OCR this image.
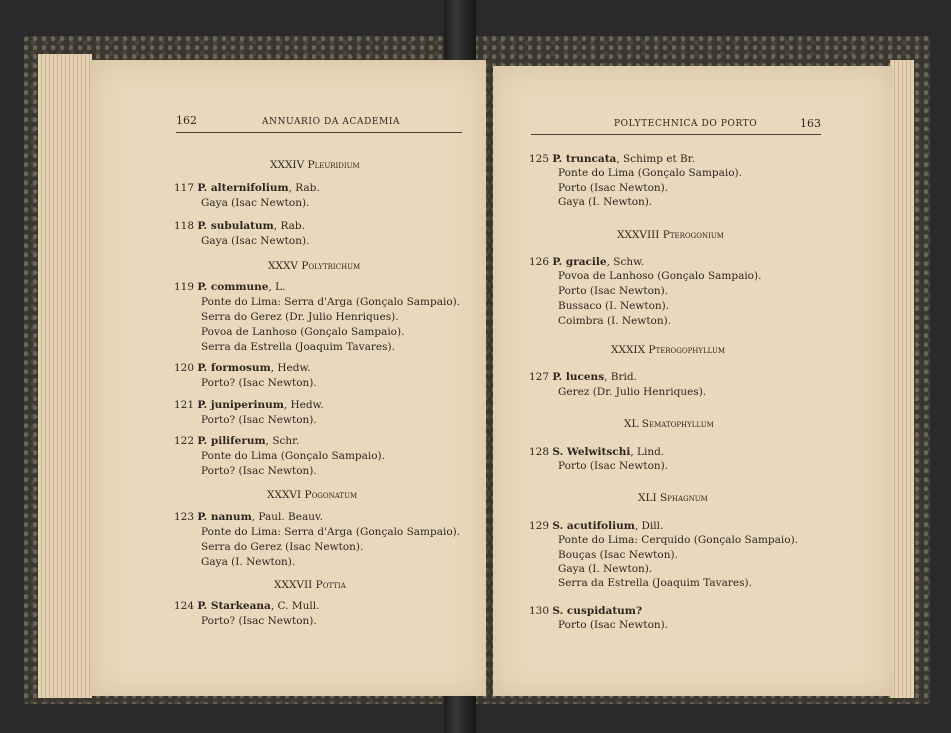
162	ANNUARIO DA ACADEMIA
XXXIV Pleuridium
117 P. alternifolium, Rab.
Gaya (Isac Newton).
118 P. subulatum, Rab.
Gaya (Isac Newton).
XXXV Polytrichum
119 P. commune, L.
Ponte do Lima: Serra d'Arga (Gonçalo Sampaio).
Serra do Gerez (Dr. Julio Henriques).
Povoa de Lanhoso (Gonçalo Sampaio).
Serra da Estrella (Joaquim Tavares).
120 P. formosum, Hedw.
Porto? (Isac Newton).
121 P. juniperinum, Hedw.
Porto? (Isac Newton).
122 P. piliferum, Schr.
Ponte do Lima (Gonçalo Sampaio).
Porto? (Isac Newton).
XXXVI Pogonatum
123 P. nanum, Paul. Beauv.
Ponte do Lima: Serra d'Arga (Gonçalo Sampaio).
Serra do Gerez (Isac Newton).
Gaya (I. Newton).
XXXVII Pottia
124 P. Starkeana, C. Mull.
Porto? (Isac Newton).
POLYTECHNICA DO PORTO	163
125 P. truncata, Schimp et Br.
Ponte do Lima (Gonçalo Sampaio).
Porto (Isac Newton).
Gaya (I. Newton).
XXXVIII Pterogonium
126 P. gracile, Schw.
Povoa de Lanhoso (Gonçalo Sampaio).
Porto (Isac Newton).
Bussaco (I. Newton).
Coimbra (I. Newton).
XXXIX Pterogophyllum
127 P. lucens, Brid.
Gerez (Dr. Julio Henriques).
XL Sematophyllum
128 S. Welwitschi, Lind.
Porto (Isac Newton).
XLI Sphagnum
129 S. acutifolium, Dill.
Ponte do Lima: Cerquido (Gonçalo Sampaio).
Bouças (Isac Newton).
Gaya (I. Newton).
Serra da Estrella (Joaquim Tavares).
130 S. cuspidatum?
Porto (Isac Newton).
